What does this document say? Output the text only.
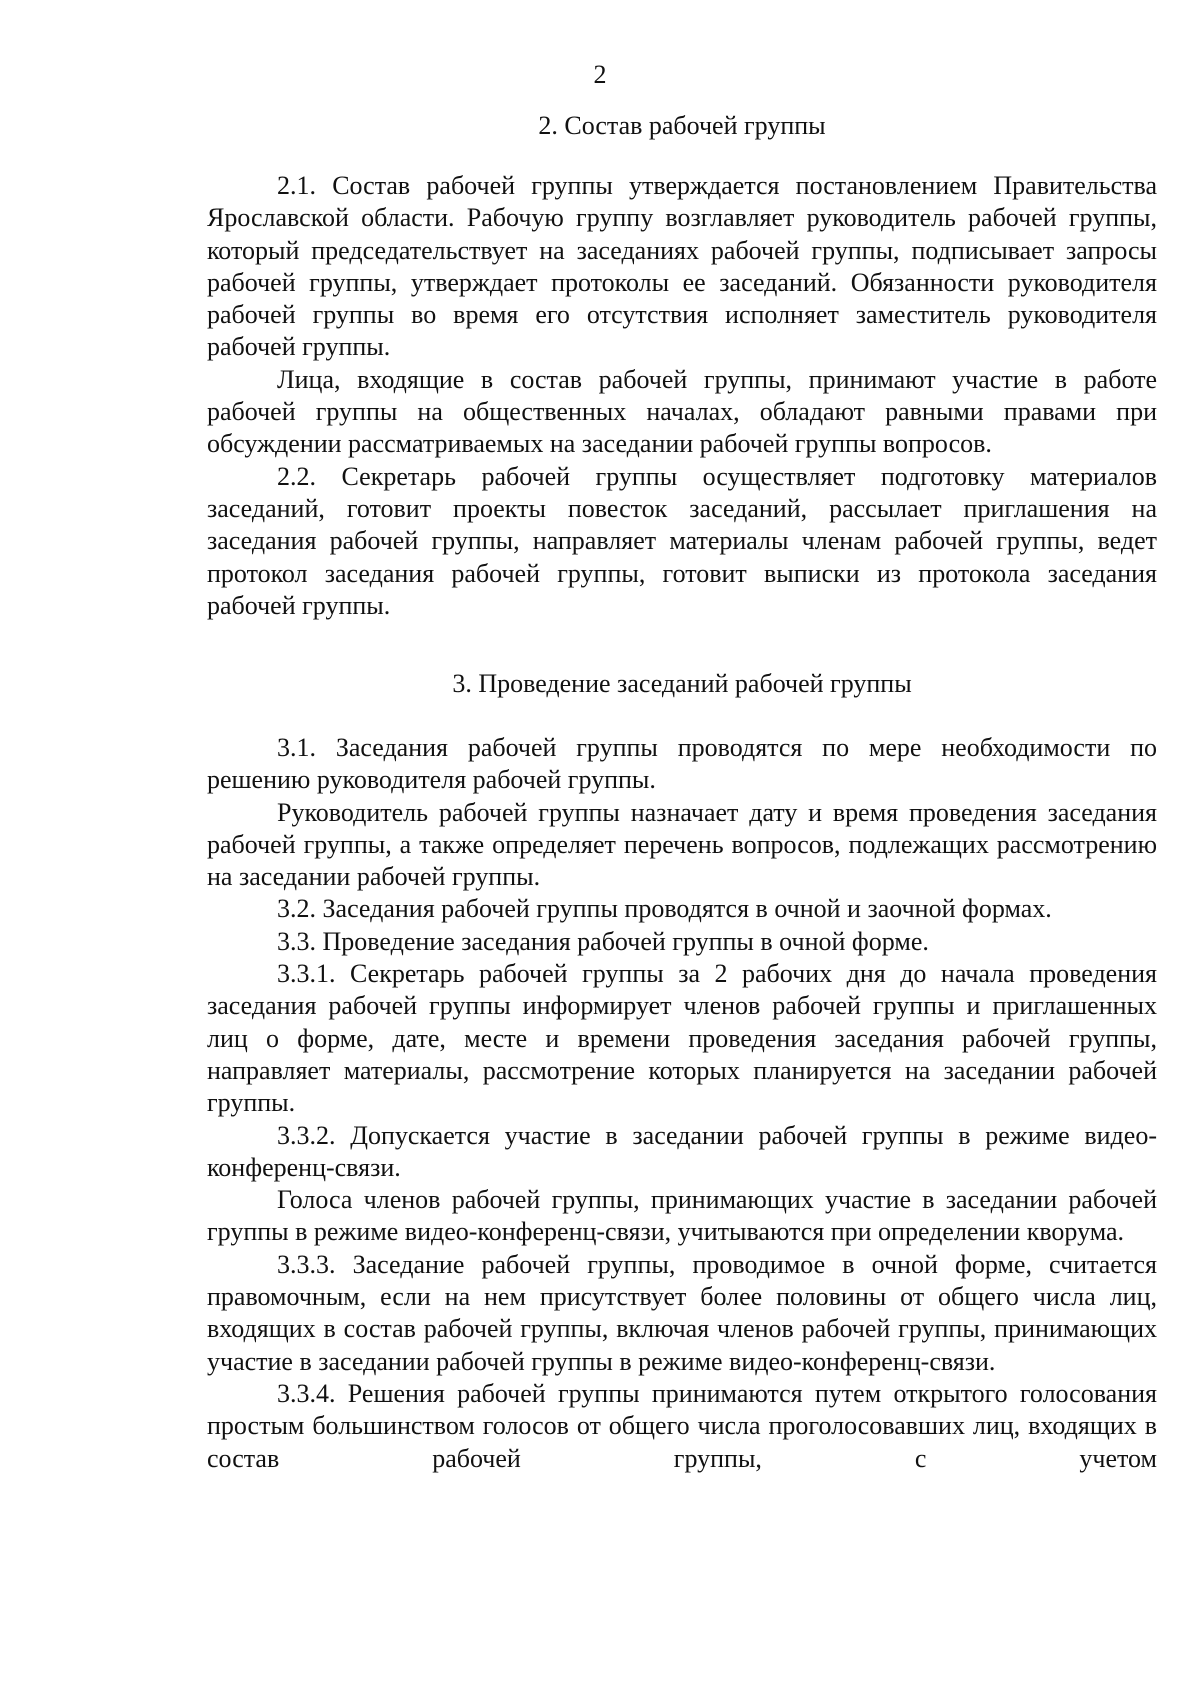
2
2. Состав рабочей группы

2.1. Состав рабочей группы утверждается постановлением Правительства Ярославской области. Рабочую группу возглавляет руководитель рабочей группы, который председательствует на заседаниях рабочей группы, подписывает запросы рабочей группы, утверждает протоколы ее заседаний. Обязанности руководителя рабочей группы во время его отсутствия исполняет заместитель руководителя рабочей группы.

Лица, входящие в состав рабочей группы, принимают участие в работе рабочей группы на общественных началах, обладают равными правами при обсуждении рассматриваемых на заседании рабочей группы вопросов.

2.2. Секретарь рабочей группы осуществляет подготовку материалов заседаний, готовит проекты повесток заседаний, рассылает приглашения на заседания рабочей группы, направляет материалы членам рабочей группы, ведет протокол заседания рабочей группы, готовит выписки из протокола заседания рабочей группы.

3. Проведение заседаний рабочей группы

3.1. Заседания рабочей группы проводятся по мере необходимости по решению руководителя рабочей группы.

Руководитель рабочей группы назначает дату и время проведения заседания рабочей группы, а также определяет перечень вопросов, подлежащих рассмотрению на заседании рабочей группы.

3.2. Заседания рабочей группы проводятся в очной и заочной формах.

3.3. Проведение заседания рабочей группы в очной форме.

3.3.1. Секретарь рабочей группы за 2 рабочих дня до начала проведения заседания рабочей группы информирует членов рабочей группы и приглашенных лиц о форме, дате, месте и времени проведения заседания рабочей группы, направляет материалы, рассмотрение которых планируется на заседании рабочей группы.

3.3.2. Допускается участие в заседании рабочей группы в режиме видео-конференц-связи.

Голоса членов рабочей группы, принимающих участие в заседании рабочей группы в режиме видео-конференц-связи, учитываются при определении кворума.

3.3.3. Заседание рабочей группы, проводимое в очной форме, считается правомочным, если на нем присутствует более половины от общего числа лиц, входящих в состав рабочей группы, включая членов рабочей группы, принимающих участие в заседании рабочей группы в режиме видео-конференц-связи.

3.3.4. Решения рабочей группы принимаются путем открытого голосования простым большинством голосов от общего числа проголосовавших лиц, входящих в состав рабочей группы, с учетом
